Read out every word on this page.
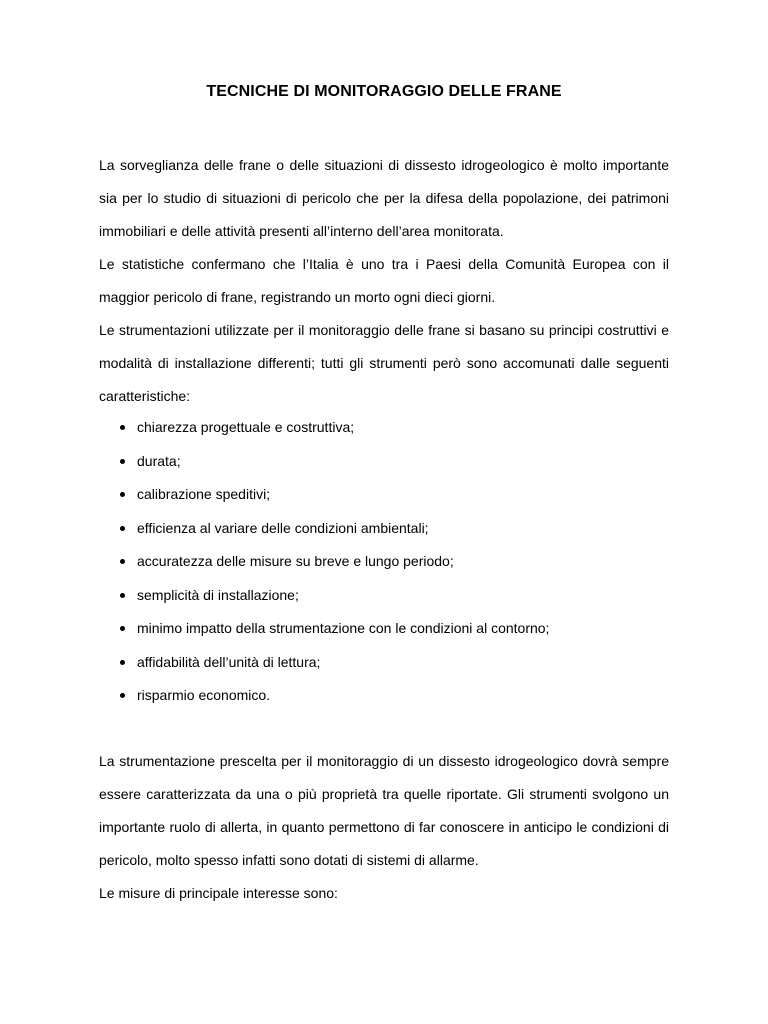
TECNICHE DI MONITORAGGIO DELLE FRANE

La sorveglianza delle frane o delle situazioni di dissesto idrogeologico è molto importante sia per lo studio di situazioni di pericolo che per la difesa della popolazione, dei patrimoni immobiliari e delle attività presenti all’interno dell’area monitorata.

Le statistiche confermano che l’Italia è uno tra i Paesi della Comunità Europea con il maggior pericolo di frane, registrando un morto ogni dieci giorni.

Le strumentazioni utilizzate per il monitoraggio delle frane si basano su principi costruttivi e modalità di installazione differenti; tutti gli strumenti però sono accomunati dalle seguenti caratteristiche:

chiarezza progettuale e costruttiva;
durata;
calibrazione speditivi;
efficienza al variare delle condizioni ambientali;
accuratezza delle misure su breve e lungo periodo;
semplicità di installazione;
minimo impatto della strumentazione con le condizioni al contorno;
affidabilità dell’unità di lettura;
risparmio economico.

La strumentazione prescelta per il monitoraggio di un dissesto idrogeologico dovrà sempre essere caratterizzata da una o più proprietà tra quelle riportate. Gli strumenti svolgono un importante ruolo di allerta, in quanto permettono di far conoscere in anticipo le condizioni di pericolo, molto spesso infatti sono dotati di sistemi di allarme.

Le misure di principale interesse sono:
